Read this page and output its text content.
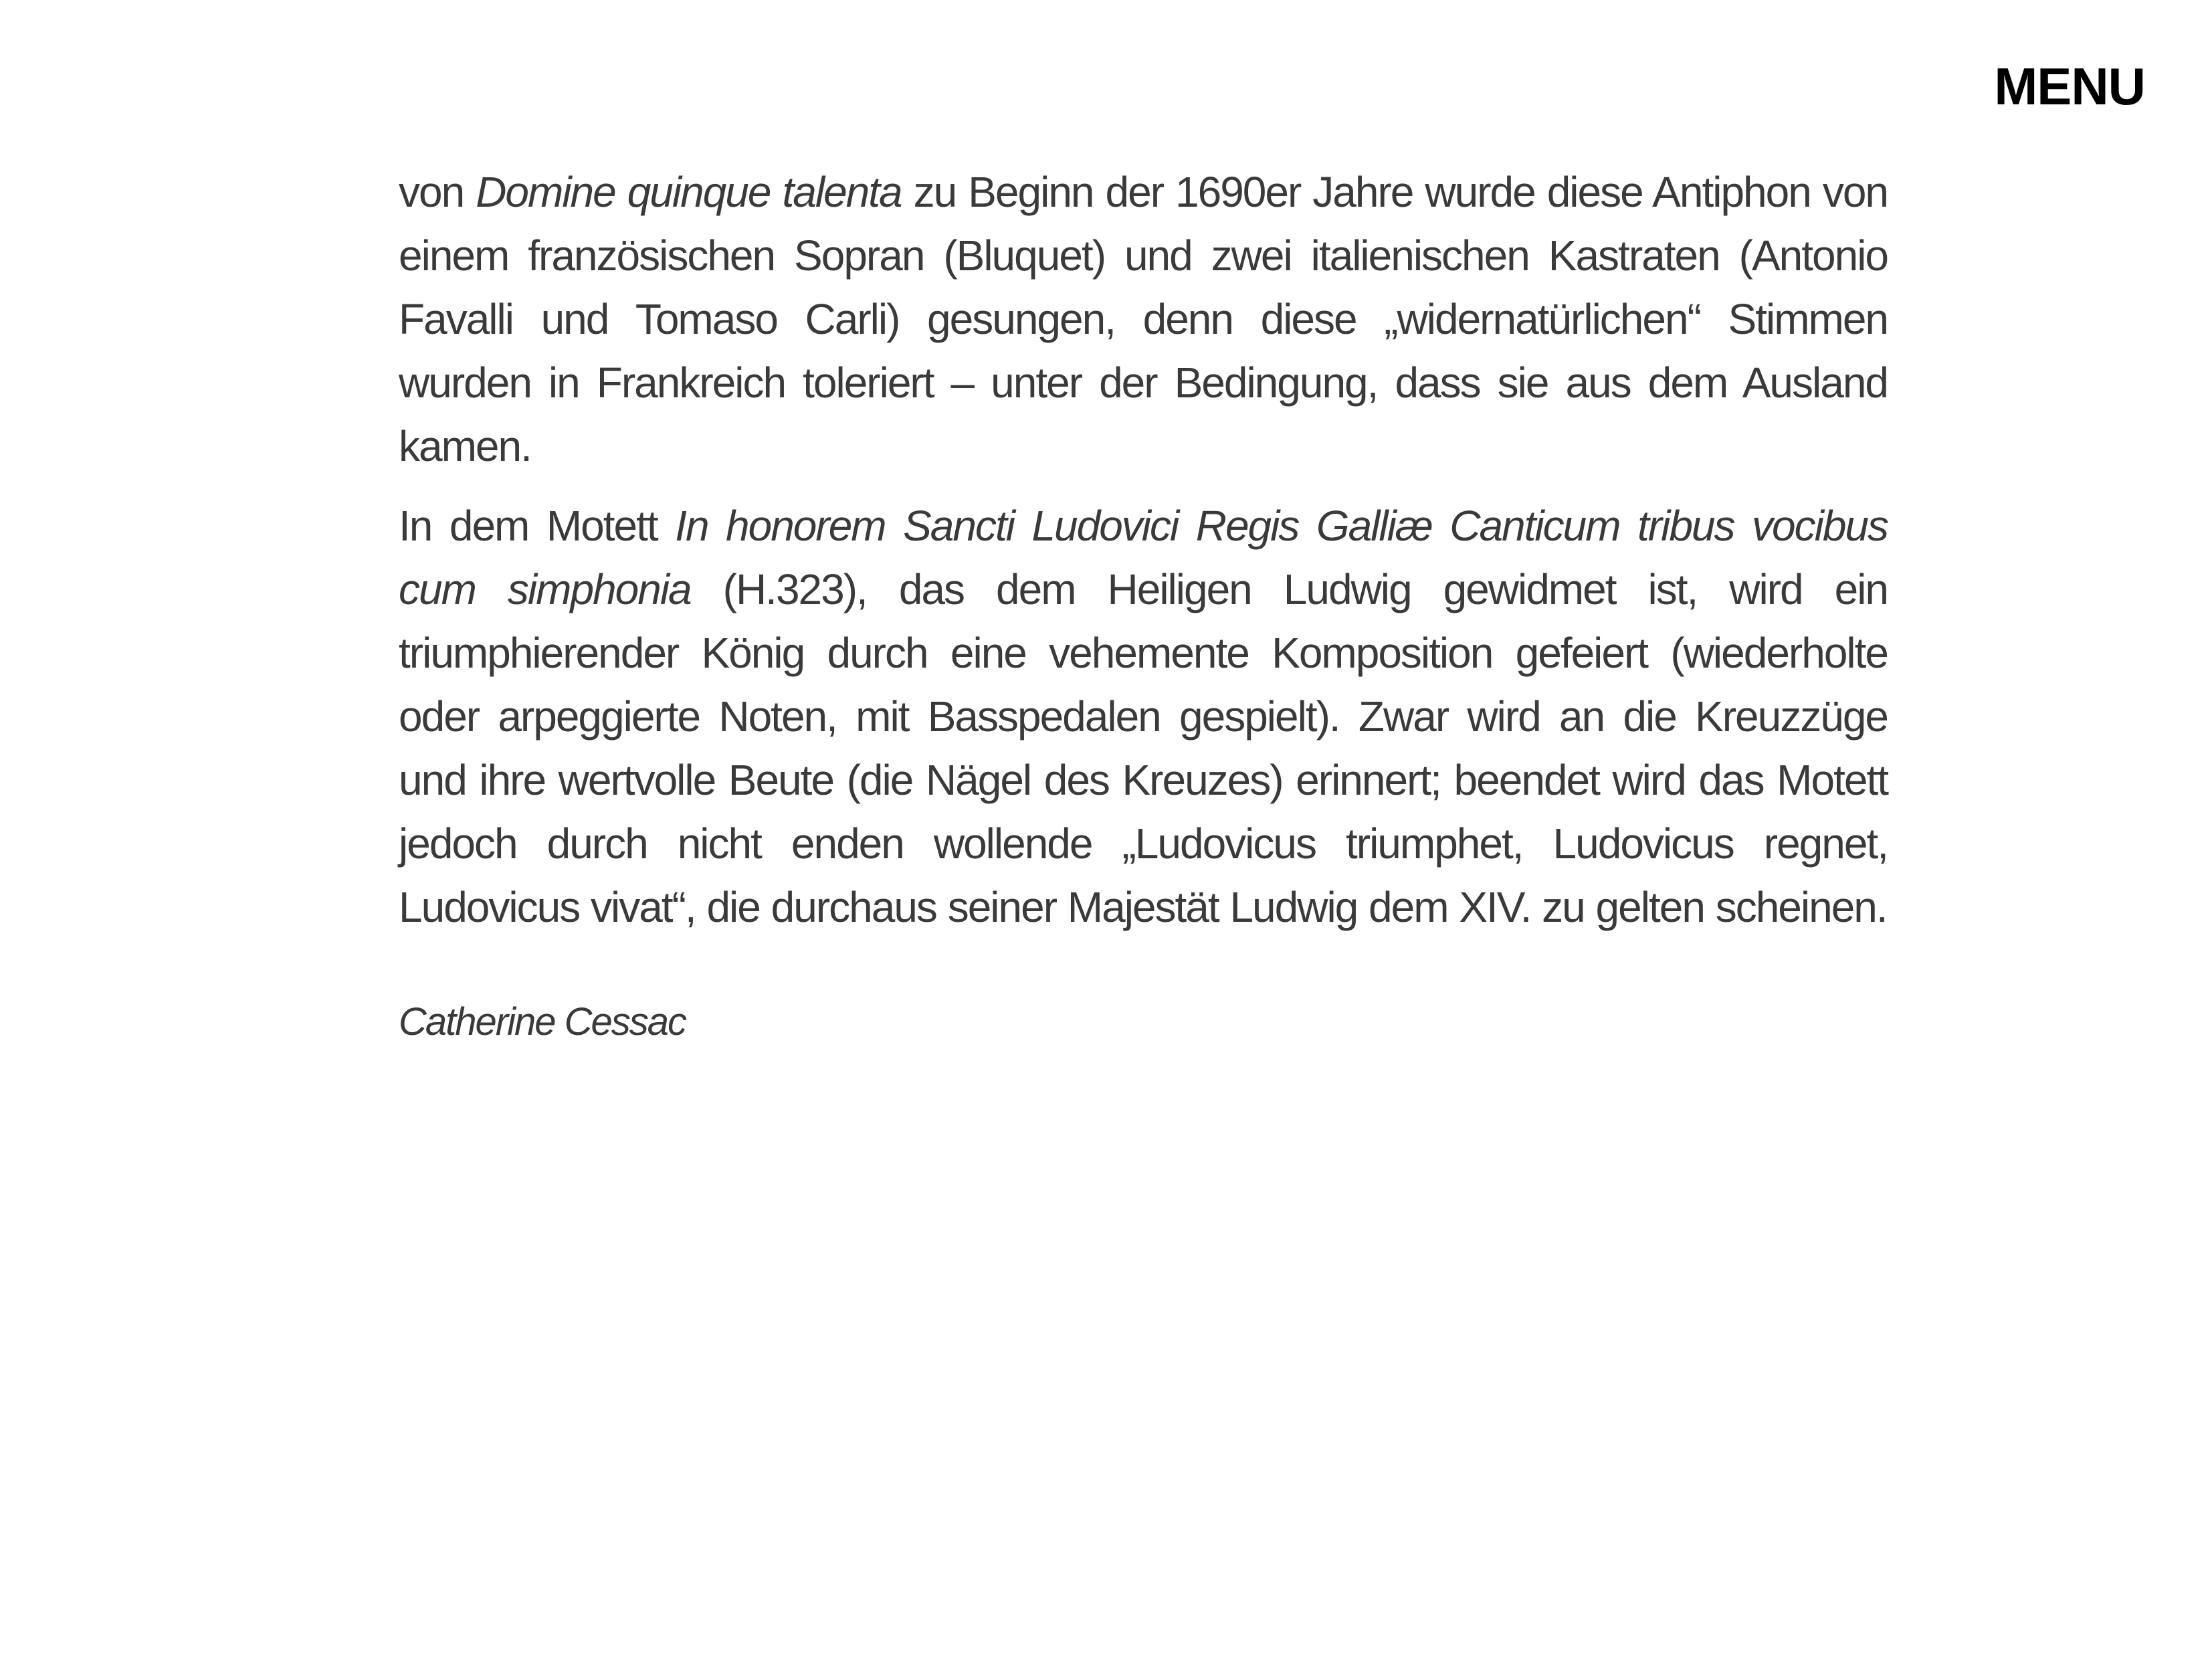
MENU

von Domine quinque talenta zu Beginn der 1690er Jahre wurde diese Antiphon von einem französischen Sopran (Bluquet) und zwei italienischen Kastraten (Antonio Favalli und Tomaso Carli) gesungen, denn diese „widernatürlichen“ Stimmen wurden in Frankreich toleriert – unter der Bedingung, dass sie aus dem Ausland kamen.

In dem Motett In honorem Sancti Ludovici Regis Galliæ Canticum tribus vocibus cum simphonia (H.323), das dem Heiligen Ludwig gewidmet ist, wird ein triumphierender König durch eine vehemente Komposition gefeiert (wiederholte oder arpeggierte Noten, mit Basspedalen gespielt). Zwar wird an die Kreuzzüge und ihre wertvolle Beute (die Nägel des Kreuzes) erinnert; beendet wird das Motett jedoch durch nicht enden wollende „Ludovicus triumphet, Ludovicus regnet, Ludovicus vivat“, die durchaus seiner Majestät Ludwig dem XIV. zu gelten scheinen.

Catherine Cessac
